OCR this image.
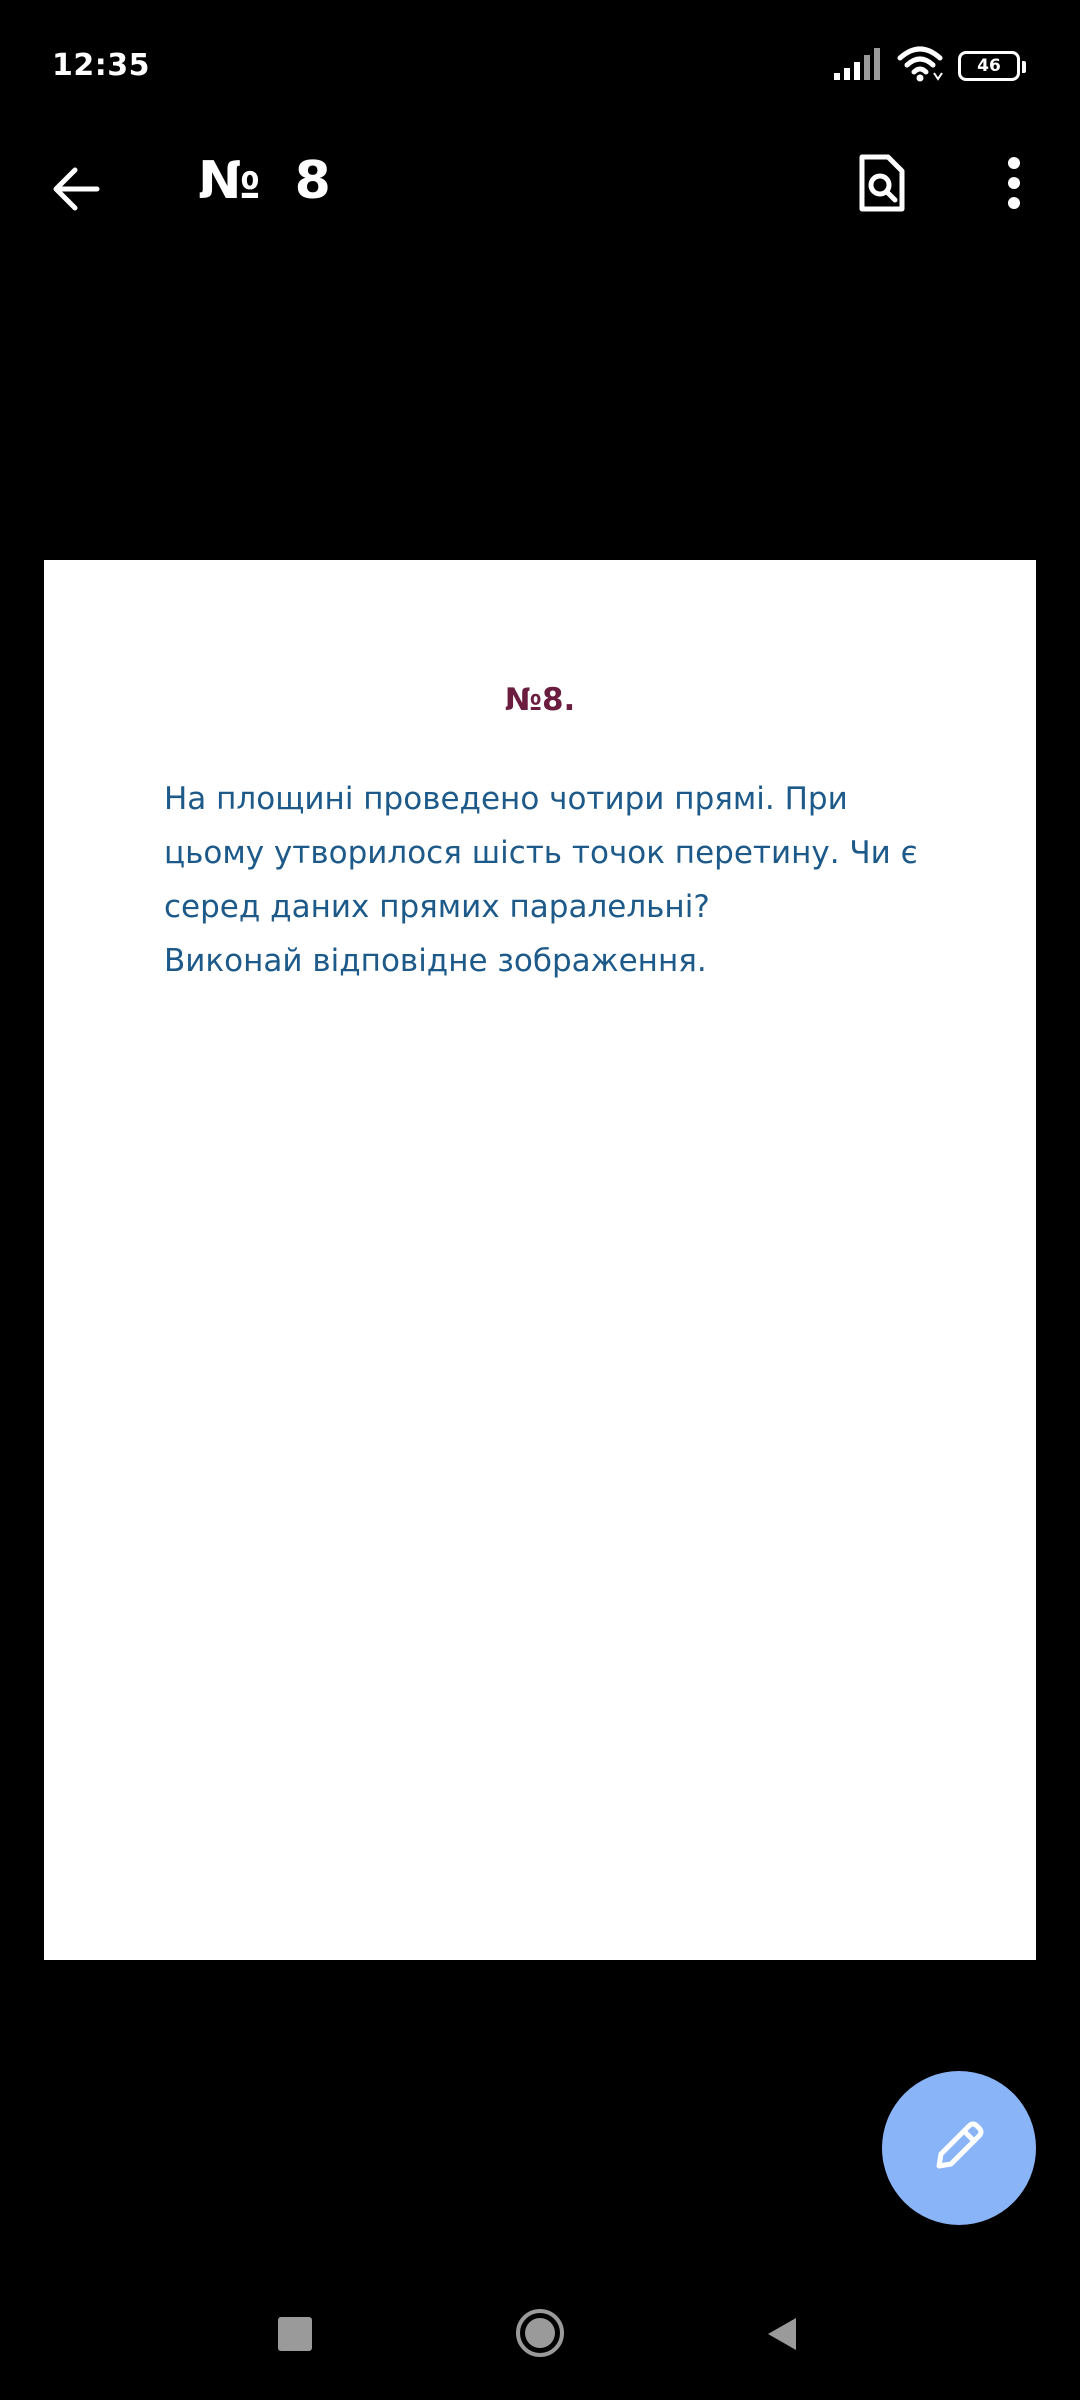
12:35	46
№ 8
№8.

На площині проведено чотири прямі. При

цьому утворилося шість точок перетину. Чи є

серед даних прямих паралельні?

Виконай відповідне зображення.
